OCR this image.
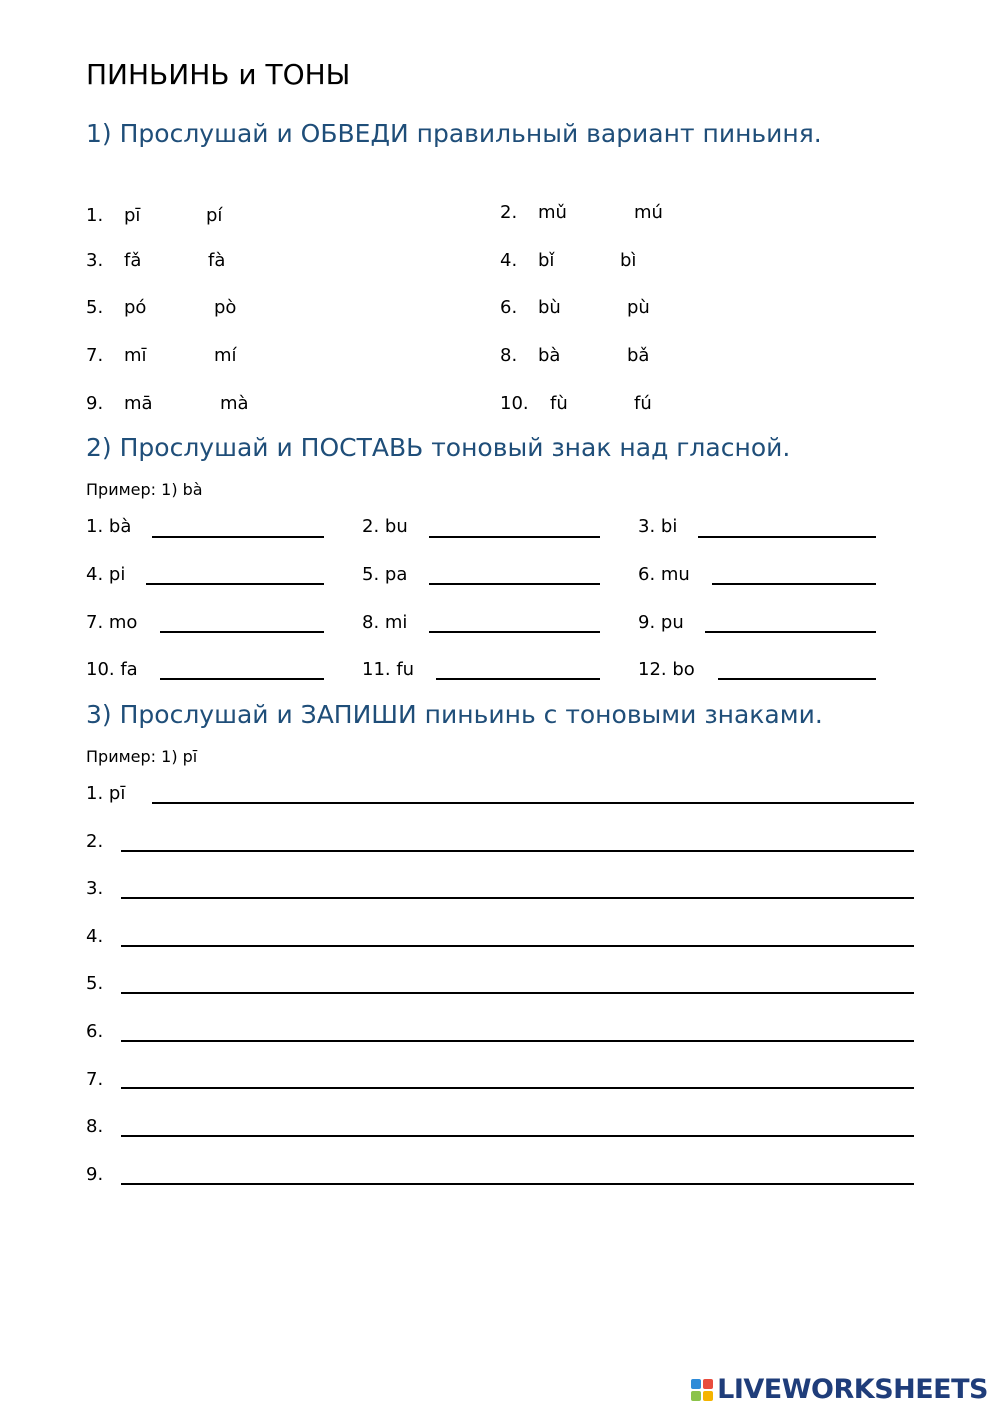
ПИНЬИНЬ и ТОНЫ
1) Прослушай и ОБВЕДИ правильный вариант пиньиня.
1. pī	pí
3. fǎ	fà
5. pó	pò
7. mī	mí
9. mā	mà
2. mǔ	mú
4. bǐ	bì
6. bù	pù
8. bà	bǎ
10. fù	fú
2) Прослушай и ПОСТАВЬ тоновый знак над гласной.
Пример: 1) bà
1. bà	2. bu	3. bi
4. pi	5. pa	6. mu
7. mo	8. mi	9. pu
10. fa	11. fu	12. bo
3) Прослушай и ЗАПИШИ пиньинь с тоновыми знаками.
Пример: 1) pī
1. pī
2.
3.
4.
5.
6.
7.
8.
9.
LIVEWORKSHEETS
